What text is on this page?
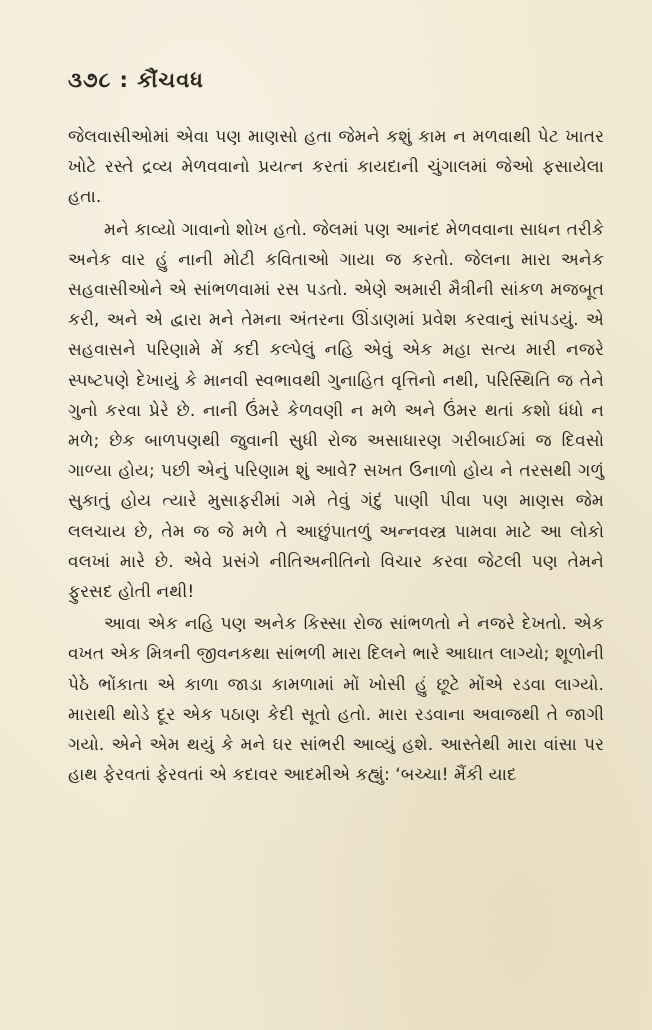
૩૭૮ : કૌંચવધ

જેલવાસીઓમાં એવા પણ માણસો હતા જેમને કશું કામ ન મળવાથી પેટ ખાતર ખોટે રસ્તે દ્રવ્ય મેળવવાનો પ્રયત્ન કરતાં કાયદાની ચુંગાલમાં જેઓ ફસાયેલા હતા.

મને કાવ્યો ગાવાનો શોખ હતો. જેલમાં પણ આનંદ મેળવવાના સાધન તરીકે અનેક વાર હું નાની મોટી કવિતાઓ ગાયા જ કરતો. જેલના મારા અનેક સહવાસીઓને એ સાંભળવામાં રસ પડતો. એણે અમારી મૈત્રીની સાંકળ મજબૂત કરી, અને એ દ્વારા મને તેમના અંતરના ઊંડાણમાં પ્રવેશ કરવાનું સાંપડયું. એ સહવાસને પરિણામે મેં કદી કલ્પેલું નહિ એવું એક મહા સત્ય મારી નજરે સ્પષ્ટપણે દેખાયું કે માનવી સ્વભાવથી ગુનાહિત વૃત્તિનો નથી, પરિસ્થિતિ જ તેને ગુનો કરવા પ્રેરે છે. નાની ઉંમરે કેળવણી ન મળે અને ઉંમર થતાં કશો ધંધો ન મળે; છેક બાળપણથી જુવાની સુધી રોજ અસાધારણ ગરીબાઈમાં જ દિવસો ગાળ્યા હોય; પછી એનું પરિણામ શું આવે? સખત ઉનાળો હોય ને તરસથી ગળું સુકાતું હોય ત્યારે મુસાફરીમાં ગમે તેવું ગંદું પાણી પીવા પણ માણસ જેમ લલચાય છે, તેમ જ જે મળે તે આછુંપાતળું અન્નવસ્ત્ર પામવા માટે આ લોકો વલખાં મારે છે. એવે પ્રસંગે નીતિઅનીતિનો વિચાર કરવા જેટલી પણ તેમને ફુરસદ હોતી નથી!

આવા એક નહિ પણ અનેક કિસ્સા રોજ સાંભળતો ને નજરે દેખતો. એક વખત એક મિત્રની જીવનકથા સાંભળી મારા દિલને ભારે આઘાત લાગ્યો; શૂળોની પેઠે ભોંકાતા એ કાળા જાડા કામળામાં મોં ખોસી હું છૂટે મોંએ રડવા લાગ્યો. મારાથી થોડે દૂર એક પઠાણ કેદી સૂતો હતો. મારા રડવાના અવાજથી તે જાગી ગયો. એને એમ થયું કે મને ઘર સાંભરી આવ્યું હશે. આસ્તેથી મારા વાંસા પર હાથ ફેરવતાં ફેરવતાં એ કદાવર આદમીએ કહ્યું: ‘બચ્ચા! મૈંકી યાદ
